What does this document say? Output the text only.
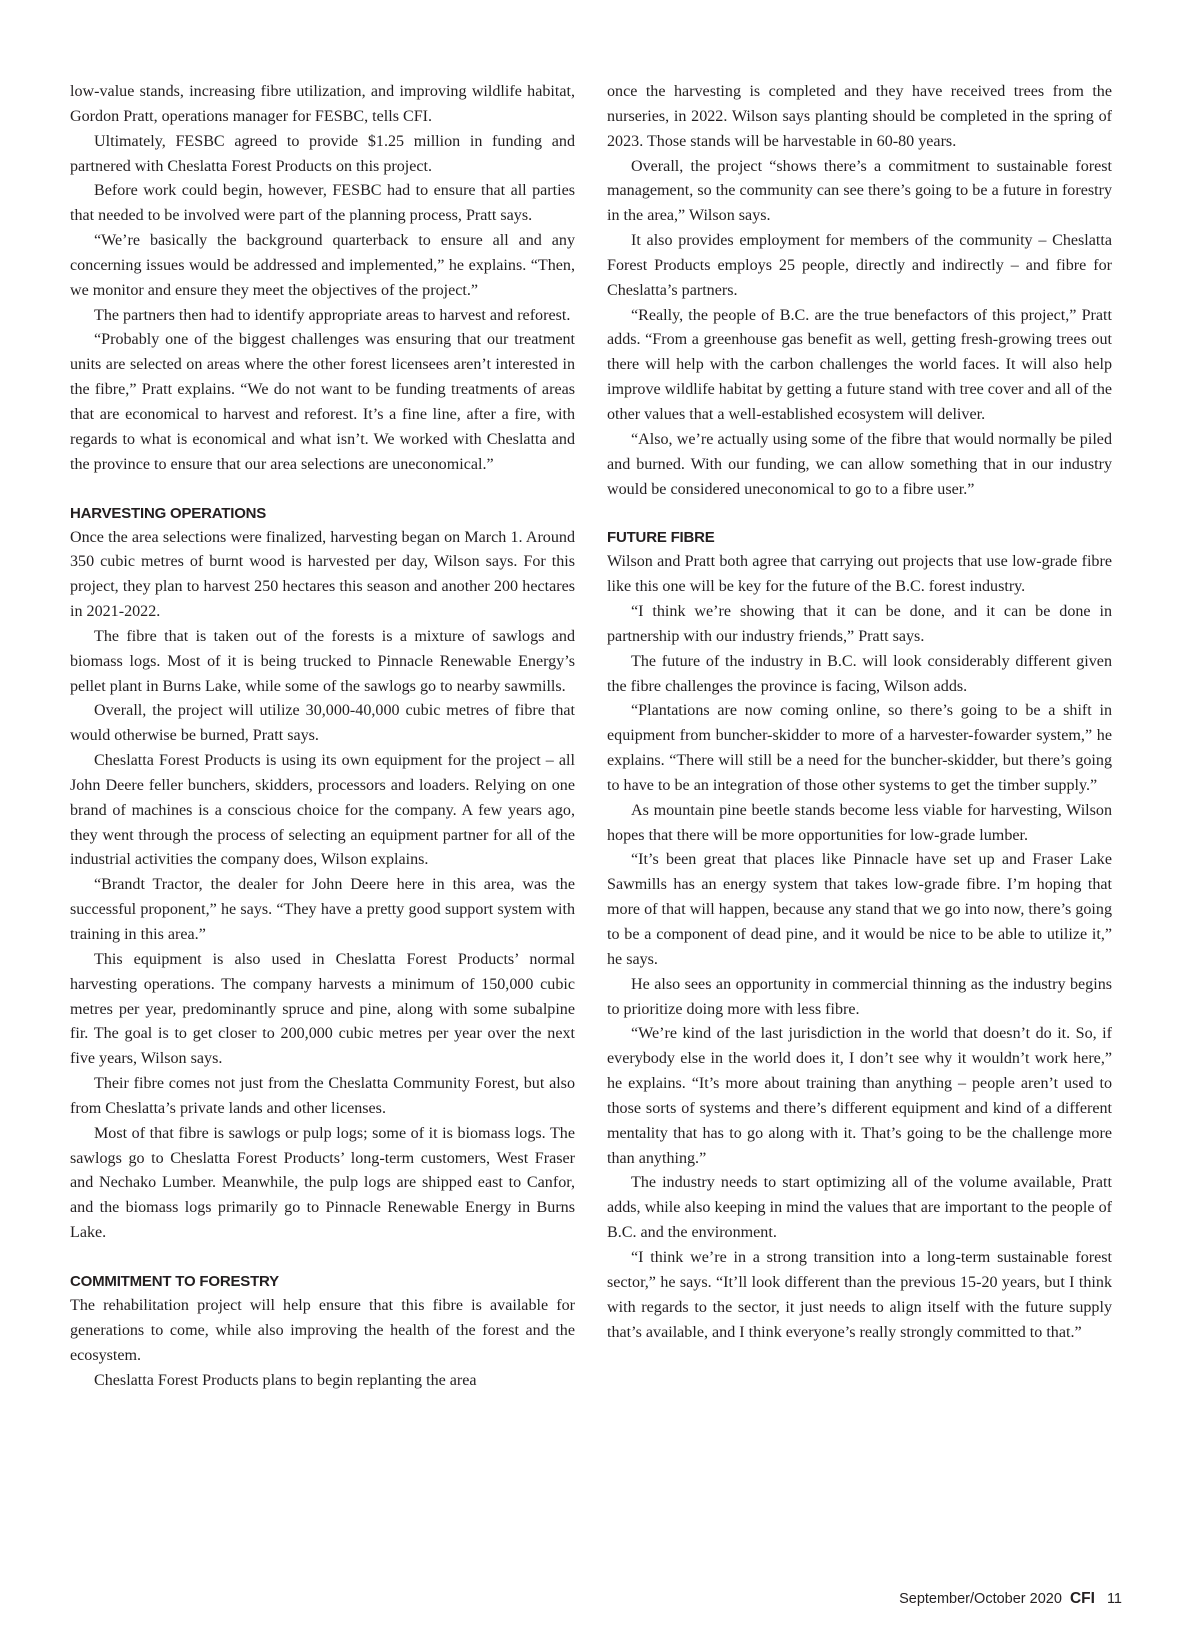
low-value stands, increasing fibre utilization, and improving wildlife habitat, Gordon Pratt, operations manager for FESBC, tells CFI.

Ultimately, FESBC agreed to provide $1.25 million in funding and partnered with Cheslatta Forest Products on this project.

Before work could begin, however, FESBC had to ensure that all parties that needed to be involved were part of the planning process, Pratt says.

“We’re basically the background quarterback to ensure all and any concerning issues would be addressed and implemented,” he explains. “Then, we monitor and ensure they meet the objectives of the project.”

The partners then had to identify appropriate areas to harvest and reforest.

“Probably one of the biggest challenges was ensuring that our treatment units are selected on areas where the other forest licensees aren’t interested in the fibre,” Pratt explains. “We do not want to be funding treatments of areas that are economical to harvest and reforest. It’s a fine line, after a fire, with regards to what is economical and what isn’t. We worked with Cheslatta and the province to ensure that our area selections are uneconomical.”

HARVESTING OPERATIONS

Once the area selections were finalized, harvesting began on March 1. Around 350 cubic metres of burnt wood is harvested per day, Wilson says. For this project, they plan to harvest 250 hectares this season and another 200 hectares in 2021-2022.

The fibre that is taken out of the forests is a mixture of sawlogs and biomass logs. Most of it is being trucked to Pinnacle Renewable Energy’s pellet plant in Burns Lake, while some of the sawlogs go to nearby sawmills.

Overall, the project will utilize 30,000-40,000 cubic metres of fibre that would otherwise be burned, Pratt says.

Cheslatta Forest Products is using its own equipment for the project – all John Deere feller bunchers, skidders, processors and loaders. Relying on one brand of machines is a conscious choice for the company. A few years ago, they went through the process of selecting an equipment partner for all of the industrial activities the company does, Wilson explains.

“Brandt Tractor, the dealer for John Deere here in this area, was the successful proponent,” he says. “They have a pretty good support system with training in this area.”

This equipment is also used in Cheslatta Forest Products’ normal harvesting operations. The company harvests a minimum of 150,000 cubic metres per year, predominantly spruce and pine, along with some subalpine fir. The goal is to get closer to 200,000 cubic metres per year over the next five years, Wilson says.

Their fibre comes not just from the Cheslatta Community Forest, but also from Cheslatta’s private lands and other licenses.

Most of that fibre is sawlogs or pulp logs; some of it is biomass logs. The sawlogs go to Cheslatta Forest Products’ long-term customers, West Fraser and Nechako Lumber. Meanwhile, the pulp logs are shipped east to Canfor, and the biomass logs primarily go to Pinnacle Renewable Energy in Burns Lake.

COMMITMENT TO FORESTRY

The rehabilitation project will help ensure that this fibre is available for generations to come, while also improving the health of the forest and the ecosystem.

Cheslatta Forest Products plans to begin replanting the area

once the harvesting is completed and they have received trees from the nurseries, in 2022. Wilson says planting should be completed in the spring of 2023. Those stands will be harvestable in 60-80 years.

Overall, the project “shows there’s a commitment to sustainable forest management, so the community can see there’s going to be a future in forestry in the area,” Wilson says.

It also provides employment for members of the community – Cheslatta Forest Products employs 25 people, directly and indirectly – and fibre for Cheslatta’s partners.

“Really, the people of B.C. are the true benefactors of this project,” Pratt adds. “From a greenhouse gas benefit as well, getting fresh-growing trees out there will help with the carbon challenges the world faces. It will also help improve wildlife habitat by getting a future stand with tree cover and all of the other values that a well-established ecosystem will deliver.

“Also, we’re actually using some of the fibre that would normally be piled and burned. With our funding, we can allow something that in our industry would be considered uneconomical to go to a fibre user.”

FUTURE FIBRE

Wilson and Pratt both agree that carrying out projects that use low-grade fibre like this one will be key for the future of the B.C. forest industry.

“I think we’re showing that it can be done, and it can be done in partnership with our industry friends,” Pratt says.

The future of the industry in B.C. will look considerably different given the fibre challenges the province is facing, Wilson adds.

“Plantations are now coming online, so there’s going to be a shift in equipment from buncher-skidder to more of a harvester-fowarder system,” he explains. “There will still be a need for the buncher-skidder, but there’s going to have to be an integration of those other systems to get the timber supply.”

As mountain pine beetle stands become less viable for harvesting, Wilson hopes that there will be more opportunities for low-grade lumber.

“It’s been great that places like Pinnacle have set up and Fraser Lake Sawmills has an energy system that takes low-grade fibre. I’m hoping that more of that will happen, because any stand that we go into now, there’s going to be a component of dead pine, and it would be nice to be able to utilize it,” he says.

He also sees an opportunity in commercial thinning as the industry begins to prioritize doing more with less fibre.

“We’re kind of the last jurisdiction in the world that doesn’t do it. So, if everybody else in the world does it, I don’t see why it wouldn’t work here,” he explains. “It’s more about training than anything – people aren’t used to those sorts of systems and there’s different equipment and kind of a different mentality that has to go along with it. That’s going to be the challenge more than anything.”

The industry needs to start optimizing all of the volume available, Pratt adds, while also keeping in mind the values that are important to the people of B.C. and the environment.

“I think we’re in a strong transition into a long-term sustainable forest sector,” he says. “It’ll look different than the previous 15-20 years, but I think with regards to the sector, it just needs to align itself with the future supply that’s available, and I think everyone’s really strongly committed to that.”

September/October 2020 CFI 11
